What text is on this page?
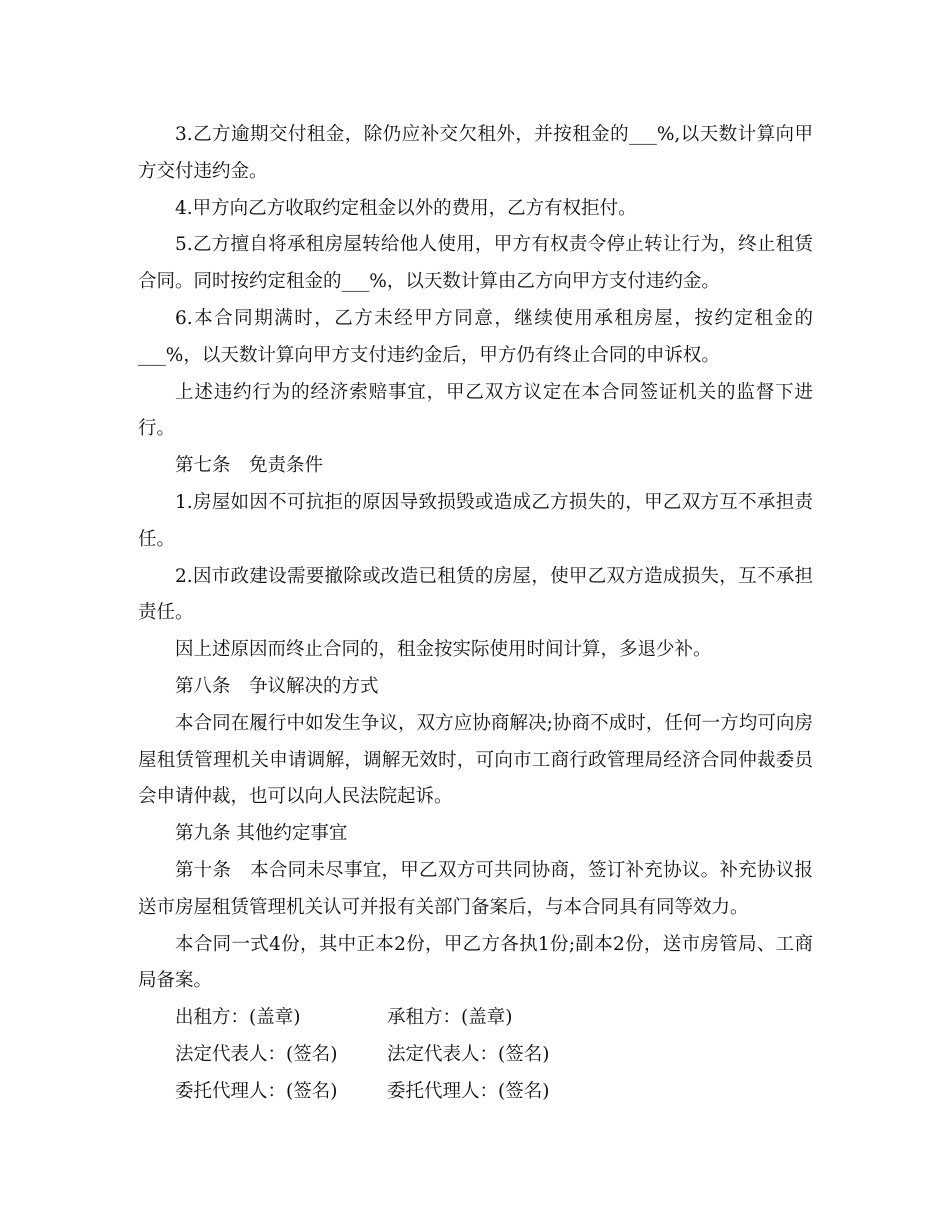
3.乙方逾期交付租金，除仍应补交欠租外，并按租金的___%,以天数计算向甲方交付违约金。

4.甲方向乙方收取约定租金以外的费用，乙方有权拒付。

5.乙方擅自将承租房屋转给他人使用，甲方有权责令停止转让行为，终止租赁合同。同时按约定租金的___%，以天数计算由乙方向甲方支付违约金。

6.本合同期满时，乙方未经甲方同意，继续使用承租房屋，按约定租金的___%，以天数计算向甲方支付违约金后，甲方仍有终止合同的申诉权。

上述违约行为的经济索赔事宜，甲乙双方议定在本合同签证机关的监督下进行。

第七条　免责条件

1.房屋如因不可抗拒的原因导致损毁或造成乙方损失的，甲乙双方互不承担责任。

2.因市政建设需要撤除或改造已租赁的房屋，使甲乙双方造成损失，互不承担责任。

因上述原因而终止合同的，租金按实际使用时间计算，多退少补。

第八条　争议解决的方式

本合同在履行中如发生争议，双方应协商解决;协商不成时，任何一方均可向房屋租赁管理机关申请调解，调解无效时，可向市工商行政管理局经济合同仲裁委员会申请仲裁，也可以向人民法院起诉。

第九条 其他约定事宜

第十条　本合同未尽事宜，甲乙双方可共同协商，签订补充协议。补充协议报送市房屋租赁管理机关认可并报有关部门备案后，与本合同具有同等效力。

本合同一式4份，其中正本2份，甲乙方各执1份;副本2份，送市房管局、工商局备案。

出租方：(盖章)	承租方：(盖章)
法定代表人：(签名)	法定代表人：(签名)
委托代理人：(签名)	委托代理人：(签名)
